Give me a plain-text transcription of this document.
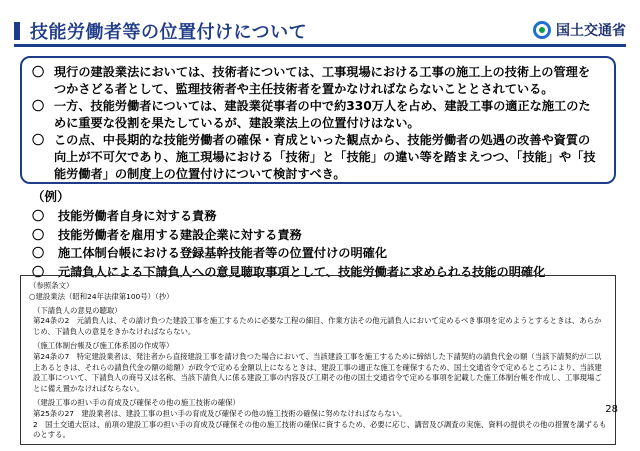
技能労働者等の位置付けについて	国土交通省

〇 現行の建設業法においては、技術者については、工事現場における工事の施工上の技術上の管理をつかさどる者として、監理技術者や主任技術者を置かなければならないこととされている。

〇 一方、技能労働者については、建設業従事者の中で約330万人を占め、建設工事の適正な施工のために重要な役割を果たしているが、建設業法上の位置付けはない。

〇 この点、中長期的な技能労働者の確保・育成といった観点から、技能労働者の処遇の改善や資質の向上が不可欠であり、施工現場における「技術」と「技能」の違い等を踏まえつつ、「技能」や「技能労働者」の制度上の位置付けについて検討すべき。

（例）

〇 技能労働者自身に対する責務
〇 技能労働者を雇用する建設企業に対する責務
〇 施工体制台帳における登録基幹技能者等の位置付けの明確化
〇 元請負人による下請負人への意見聴取事項として、技能労働者に求められる技能の明確化

（参照条文）

○建設業法（昭和24年法律第100号）（抄）

（下請負人の意見の聴取）

第24条の2　元請負人は、その請け負つた建設工事を施工するために必要な工程の細目、作業方法その他元請負人において定めるべき事項を定めようとするときは、あらかじめ、下請負人の意見をきかなければならない。

（施工体制台帳及び施工体系図の作成等）

第24条の7　特定建設業者は、発注者から直接建設工事を請け負つた場合において、当該建設工事を施工するために締結した下請契約の請負代金の額（当該下請契約が二以上あるときは、それらの請負代金の額の総額）が政令で定める金額以上になるときは、建設工事の適正な施工を確保するため、国土交通省令で定めるところにより、当該建設工事について、下請負人の商号又は名称、当該下請負人に係る建設工事の内容及び工期その他の国土交通省令で定める事項を記載した施工体制台帳を作成し、工事現場ごとに備え置かなければならない。

（建設工事の担い手の育成及び確保その他の施工技術の確保）

第25条の27　建設業者は、建設工事の担い手の育成及び確保その他の施工技術の確保に努めなければならない。

2　国土交通大臣は、前項の建設工事の担い手の育成及び確保その他の施工技術の確保に資するため、必要に応じ、講習及び調査の実施、資料の提供その他の措置を講ずるものとする。

28
